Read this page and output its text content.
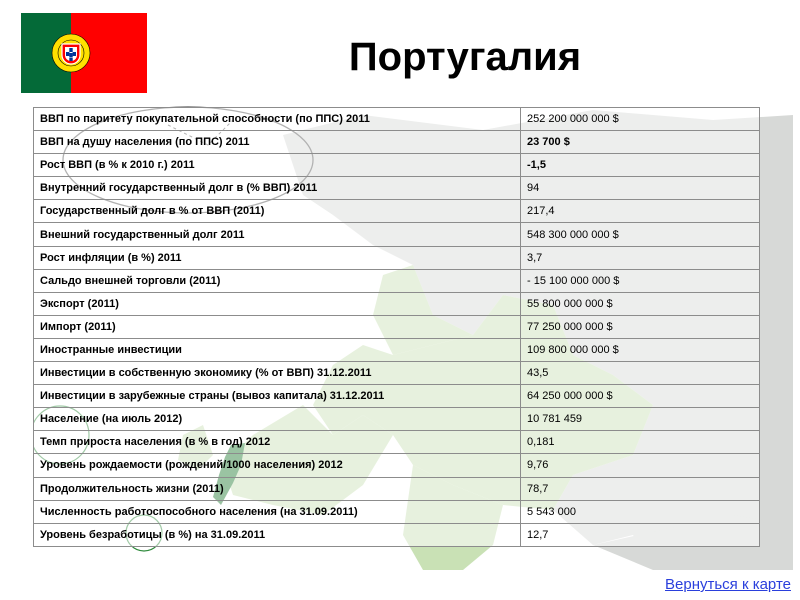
Португалия
ВВП по паритету покупательной способности (по ППС) 2011	252 200 000 000 $
ВВП на душу населения (по ППС) 2011	23 700 $
Рост ВВП (в % к 2010 г.) 2011	-1,5
Внутренний государственный долг в (% ВВП) 2011	94
Государственный долг в % от ВВП (2011)	217,4
Внешний государственный долг 2011	548 300 000 000 $
Рост инфляции (в %) 2011	3,7
Сальдо внешней торговли (2011)	- 15 100 000 000 $
Экспорт (2011)	55 800 000 000 $
Импорт (2011)	77 250 000 000 $
Иностранные инвестиции	109 800 000 000 $
Инвестиции в собственную экономику (% от ВВП) 31.12.2011	43,5
Инвестиции в зарубежные страны (вывоз капитала) 31.12.2011	64 250 000 000 $
Население (на июль 2012)	10 781 459
Темп прироста населения (в % в год) 2012	0,181
Уровень рождаемости (рождений/1000 населения) 2012	9,76
Продолжительность жизни (2011)	78,7
Численность работоспособного населения (на 31.09.2011)	5 543 000
Уровень безработицы (в %) на 31.09.2011	12,7
Вернуться к карте
